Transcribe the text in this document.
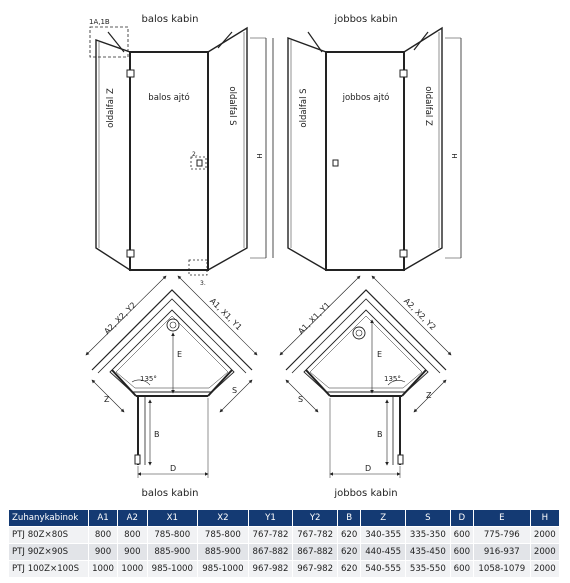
balos kabin
1A,1B
H
2.
3.
oldalfal Z	balos ajtó	oldalfal S
jobbos kabin
H
oldalfal S	jobbos ajtó	oldalfal Z
A2, X2, Y2	A1, X1, Y1
E
135°
B
D
Z
S
balos kabin
A1, X1, Y1	A2, X2, Y2
E
135°
B
D
S	Z
jobbos kabin
Zuhanykabinok	A1	A2	X1	X2	Y1	Y2	B	Z	S	D	E	H
PTJ 80Z×80S	800	800	785-800	785-800	767-782	767-782	620	340-355	335-350	600	775-796	2000
PTJ 90Z×90S	900	900	885-900	885-900	867-882	867-882	620	440-455	435-450	600	916-937	2000
PTJ 100Z×100S	1000	1000	985-1000	985-1000	967-982	967-982	620	540-555	535-550	600	1058-1079	2000
